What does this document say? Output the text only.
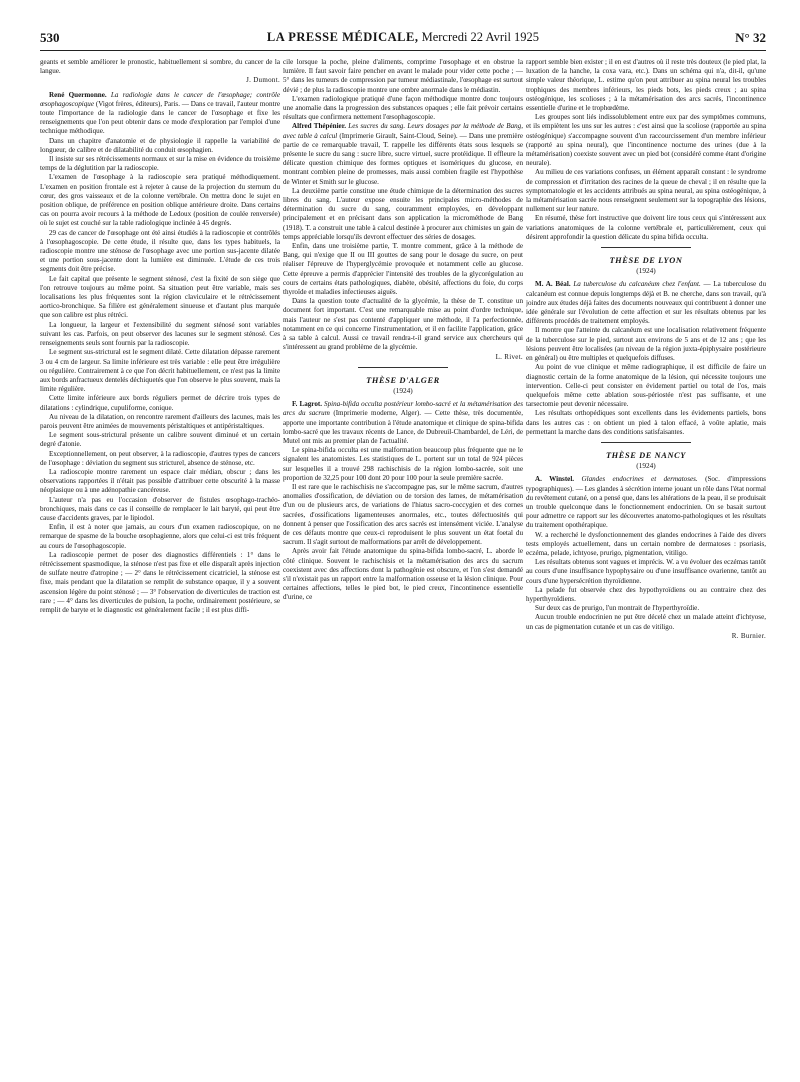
530	LA PRESSE MÉDICALE, Mercredi 22 Avril 1925	N° 32

geants et semble améliorer le pronostic, habituellement si sombre, du cancer de la langue.

J. Dumont.

René Quermonne. La radiologie dans le cancer de l'œsophage; contrôle œsophagoscopique (Vigot frères, éditeurs), Paris. — Dans ce travail, l'auteur montre toute l'importance de la radiologie dans le cancer de l'œsophage et fixe les renseignements que l'on peut obtenir dans ce mode d'exploration par l'emploi d'une technique méthodique.

Dans un chapitre d'anatomie et de physiologie il rappelle la variabilité de longueur, de calibre et de dilatabilité du conduit œsophagien.

Il insiste sur ses rétrécissements normaux et sur la mise en évidence du troisième temps de la déglutition par la radioscopie.

L'examen de l'œsophage à la radioscopie sera pratiqué méthodiquement. L'examen en position frontale est à rejeter à cause de la projection du sternum du cœur, des gros vaisseaux et de la colonne vertébrale. On mettra donc le sujet en position oblique, de préférence en position oblique antérieure droite. Dans certains cas on pourra avoir recours à la méthode de Ledoux (position de coulée renversée) où le sujet est couché sur la table radiologique inclinée à 45 degrés.

29 cas de cancer de l'œsophage ont été ainsi étudiés à la radioscopie et contrôlés à l'œsophagoscopie. De cette étude, il résulte que, dans les types habituels, la radioscopie montre une sténose de l'œsophage avec une portion sus-jacente dilatée et une portion sous-jacente dont la lumière est diminuée. L'étude de ces trois segments doit être précise.

Le fait capital que présente le segment sténosé, c'est la fixité de son siège que l'on retrouve toujours au même point. Sa situation peut être variable, mais ses localisations les plus fréquentes sont la région claviculaire et le rétrécissement aortico-bronchique. Sa filière est généralement sinueuse et d'autant plus marquée que son calibre est plus rétréci.

La longueur, la largeur et l'extensibilité du segment sténosé sont variables suivant les cas. Parfois, on peut observer des lacunes sur le segment sténosé. Ces renseignements seuls sont fournis par la radioscopie.

Le segment sus-strictural est le segment dilaté. Cette dilatation dépasse rarement 3 ou 4 cm de largeur. Sa limite inférieure est très variable : elle peut être irrégulière ou régulière. Contrairement à ce que l'on décrit habituellement, ce n'est pas la limite aux bords anfractueux dentelés déchiquetés que l'on observe le plus souvent, mais la limite régulière.

Cette limite inférieure aux bords réguliers permet de décrire trois types de dilatations : cylindrique, cupuliforme, conique.

Au niveau de la dilatation, on rencontre rarement d'ailleurs des lacunes, mais les parois peuvent être animées de mouvements péristaltiques et antipéristaltiques.

Le segment sous-strictural présente un calibre souvent diminué et un certain degré d'atonie.

Exceptionnellement, on peut observer, à la radioscopie, d'autres types de cancers de l'œsophage : déviation du segment sus stricturel, absence de sténose, etc.

La radioscopie montre rarement un espace clair médian, obscur ; dans les observations rapportées il n'était pas possible d'attribuer cette obscurité à la masse néoplasique ou à une adénopathie cancéreuse.

L'auteur n'a pas eu l'occasion d'observer de fistules œsophago-trachéo-bronchiques, mais dans ce cas il conseille de remplacer le lait baryté, qui peut être cause d'accidents graves, par le lipiodol.

Enfin, il est à noter que jamais, au cours d'un examen radioscopique, on ne remarque de spasme de la bouche œsophagienne, alors que celui-ci est très fréquent au cours de l'œsophagoscopie.

La radioscopie permet de poser des diagnostics différentiels : 1° dans le rétrécissement spasmodique, la sténose n'est pas fixe et elle disparaît après injection de sulfate neutre d'atropine ; — 2° dans le rétrécissement cicatriciel, la sténose est fixe, mais pendant que la dilatation se remplit de substance opaque, il y a souvent ascension légère du point sténosé ; — 3° l'observation de diverticules de traction est rare ; — 4° dans les diverticules de pulsion, la poche, ordinairement postérieure, se remplit de baryte et le diagnostic est généralement facile ; il est plus diffi-

cile lorsque la poche, pleine d'aliments, comprime l'œsophage et en obstrue la lumière. Il faut savoir faire pencher en avant le malade pour vider cette poche ; — 5° dans les tumeurs de compression par tumeur médiastinale, l'œsophage est surtout dévié ; de plus la radioscopie montre une ombre anormale dans le médiastin.

L'examen radiologique pratiqué d'une façon méthodique montre donc toujours une anomalie dans la progression des substances opaques ; elle fait prévoir certains résultats que confirmera nettement l'œsophagoscopie.

Alfred Thépénier. Les sucres du sang. Leurs dosages par la méthode de Bang, avec table à calcul (Imprimerie Girault, Saint-Cloud, Seine). — Dans une première partie de ce remarquable travail, T. rappelle les différents états sous lesquels se présente le sucre du sang : sucre libre, sucre virtuel, sucre protéidique. Il effleure la délicate question chimique des formes optiques et isomériques du glucose, en montrant combien pleine de promesses, mais aussi combien fragile est l'hypothèse de Winter et Smith sur le glucose.

La deuxième partie constitue une étude chimique de la détermination des sucres libres du sang. L'auteur expose ensuite les principales micro-méthodes de détermination du sucre du sang, couramment employées, en développant principalement et en précisant dans son application la microméthode de Bang (1918). T. a construit une table à calcul destinée à procurer aux chimistes un gain de temps appréciable lorsqu'ils devront effectuer des séries de dosages.

Enfin, dans une troisième partie, T. montre comment, grâce à la méthode de Bang, qui n'exige que II ou III gouttes de sang pour le dosage du sucre, on peut réaliser l'épreuve de l'hyperglycémie provoquée et notamment celle au glucose. Cette épreuve a permis d'apprécier l'intensité des troubles de la glycorégulation au cours de certains états pathologiques, diabète, obésité, affections du foie, du corps thyroïde et maladies infectieuses aiguës.

Dans la question toute d'actualité de la glycémie, la thèse de T. constitue un document fort important. C'est une remarquable mise au point d'ordre technique, mais l'auteur ne s'est pas contenté d'appliquer une méthode, il l'a perfectionnée, notamment en ce qui concerne l'instrumentation, et il en facilite l'application, grâce à sa table à calcul. Aussi ce travail rendra-t-il grand service aux chercheurs qui s'intéressent au grand problème de la glycémie.

L. Rivet.
THÈSE D'ALGER
(1924)

F. Lagrot. Spina-bifida occulta postérieur lombo-sacré et la métamérisation des arcs du sacrum (Imprimerie moderne, Alger). — Cette thèse, très documentée, apporte une importante contribution à l'étude anatomique et clinique de spina-bifida lombo-sacré que les travaux récents de Lance, de Dubreuil-Chambardel, de Léri, de Mutel ont mis au premier plan de l'actualité.

Le spina-bifida occulta est une malformation beaucoup plus fréquente que ne le signalent les anatomistes. Les statistiques de L. portent sur un total de 924 pièces sur lesquelles il a trouvé 298 rachischisis de la région lombo-sacrée, soit une proportion de 32,25 pour 100 dont 20 pour 100 pour la seule première sacrée.

Il est rare que le rachischisis ne s'accompagne pas, sur le même sacrum, d'autres anomalies d'ossification, de déviation ou de torsion des lames, de métamérisation d'un ou de plusieurs arcs, de variations de l'hiatus sacro-coccygien et des cornes sacrées, d'ossifications ligamenteuses anormales, etc., toutes défectuosités qui donnent à penser que l'ossification des arcs sacrés est intensément viciée. L'analyse de ces défauts montre que ceux-ci reproduisent le plus souvent un état foetal du sacrum. Il s'agit surtout de malformations par arrêt de développement.

Après avoir fait l'étude anatomique du spina-bifida lombo-sacré, L. aborde le côté clinique. Souvent le rachischisis et la métamérisation des arcs du sacrum coexistent avec des affections dont la pathogénie est obscure, et l'on s'est demandé s'il n'existait pas un rapport entre la malformation osseuse et la lésion clinique. Pour certaines affections, telles le pied bot, le pied creux, l'incontinence essentielle d'urine, ce

rapport semble bien exister ; il en est d'autres où il reste très douteux (le pied plat, la luxation de la hanche, la coxa vara, etc.). Dans un schéma qui n'a, dit-il, qu'une simple valeur théorique, L. estime qu'on peut attribuer au spina neural les troubles trophiques des membres inférieurs, les pieds bots, les pieds creux ; au spina ostéogénique, les scolioses ; à la métamérisation des arcs sacrés, l'incontinence essentielle d'urine et le trophœdème.

Les groupes sont liés indissolublement entre eux par des symptômes communs, et ils empiètent les uns sur les autres : c'est ainsi que la scoliose (rapportée au spina ostéogénique) s'accompagne souvent d'un raccourcissement d'un membre inférieur (rapporté au spina neural), que l'incontinence nocturne des urines (due à la métamérisation) coexiste souvent avec un pied bot (considéré comme étant d'origine neurale).

Au milieu de ces variations confuses, un élément apparaît constant : le syndrome de compression et d'irritation des racines de la queue de cheval ; il en résulte que la symptomatologie et les accidents attribués au spina neural, au spina ostéogénique, à la métamérisation sacrée nous renseignent seulement sur la topographie des lésions, nullement sur leur nature.

En résumé, thèse fort instructive que doivent lire tous ceux qui s'intéressent aux variations anatomiques de la colonne vertébrale et, particulièrement, ceux qui désirent approfondir la question délicate du spina bifida occulta.

THÈSE DE LYON
(1924)

M. A. Béal. La tuberculose du calcanéum chez l'enfant. — La tuberculose du calcanéum est connue depuis longtemps déjà et B. ne cherche, dans son travail, qu'à joindre aux études déjà faites des documents nouveaux qui contribuent à donner une idée générale sur l'évolution de cette affection et sur les résultats obtenus par les différents procédés de traitement employés.

Il montre que l'atteinte du calcanéum est une localisation relativement fréquente de la tuberculose sur le pied, surtout aux environs de 5 ans et de 12 ans ; que les lésions peuvent être localisées (au niveau de la région juxta-épiphysaire postérieure en général) ou être multiples et quelquefois diffuses.

Au point de vue clinique et même radiographique, il est difficile de faire un diagnostic certain de la forme anatomique de la lésion, qui nécessite toujours une intervention. Celle-ci peut consister en évidement partiel ou total de l'os, mais quelquefois même cette ablation sous-périostée n'est pas suffisante, et une tarsectomie peut devenir nécessaire.

Les résultats orthopédiques sont excellents dans les évidements partiels, bons dans les autres cas : on obtient un pied à talon effacé, à voûte aplatie, mais permettant la marche dans des conditions satisfaisantes.

THÈSE DE NANCY
(1924)

A. Winstel. Glandes endocrines et dermatoses. (Soc. d'impressions typographiques). — Les glandes à sécrétion interne jouant un rôle dans l'état normal du revêtement cutané, on a pensé que, dans les altérations de la peau, il se produisait un trouble quelconque dans le fonctionnement endocrinien. On se basait surtout pour admettre ce rapport sur les découvertes anatomo-pathologiques et les résultats du traitement opothérapique.

W. a recherché le dysfonctionnement des glandes endocrines à l'aide des divers tests employés actuellement, dans un certain nombre de dermatoses : psoriasis, eczéma, pelade, ichtyose, prurigo, pigmentation, vitiligo.

Les résultats obtenus sont vagues et imprécis. W. a vu évoluer des eczémas tantôt au cours d'une insuffisance hypophysaire ou d'une insuffisance ovarienne, tantôt au cours d'une hypersécrétion thyroïdienne.

La pelade fut observée chez des hypothyroïdiens ou au contraire chez des hyperthyroïdiens.

Sur deux cas de prurigo, l'un montrait de l'hyperthyroïdie.

Aucun trouble endocrinien ne put être décelé chez un malade atteint d'ichtyose, un cas de pigmentation cutanée et un cas de vitiligo.

R. Burnier.
